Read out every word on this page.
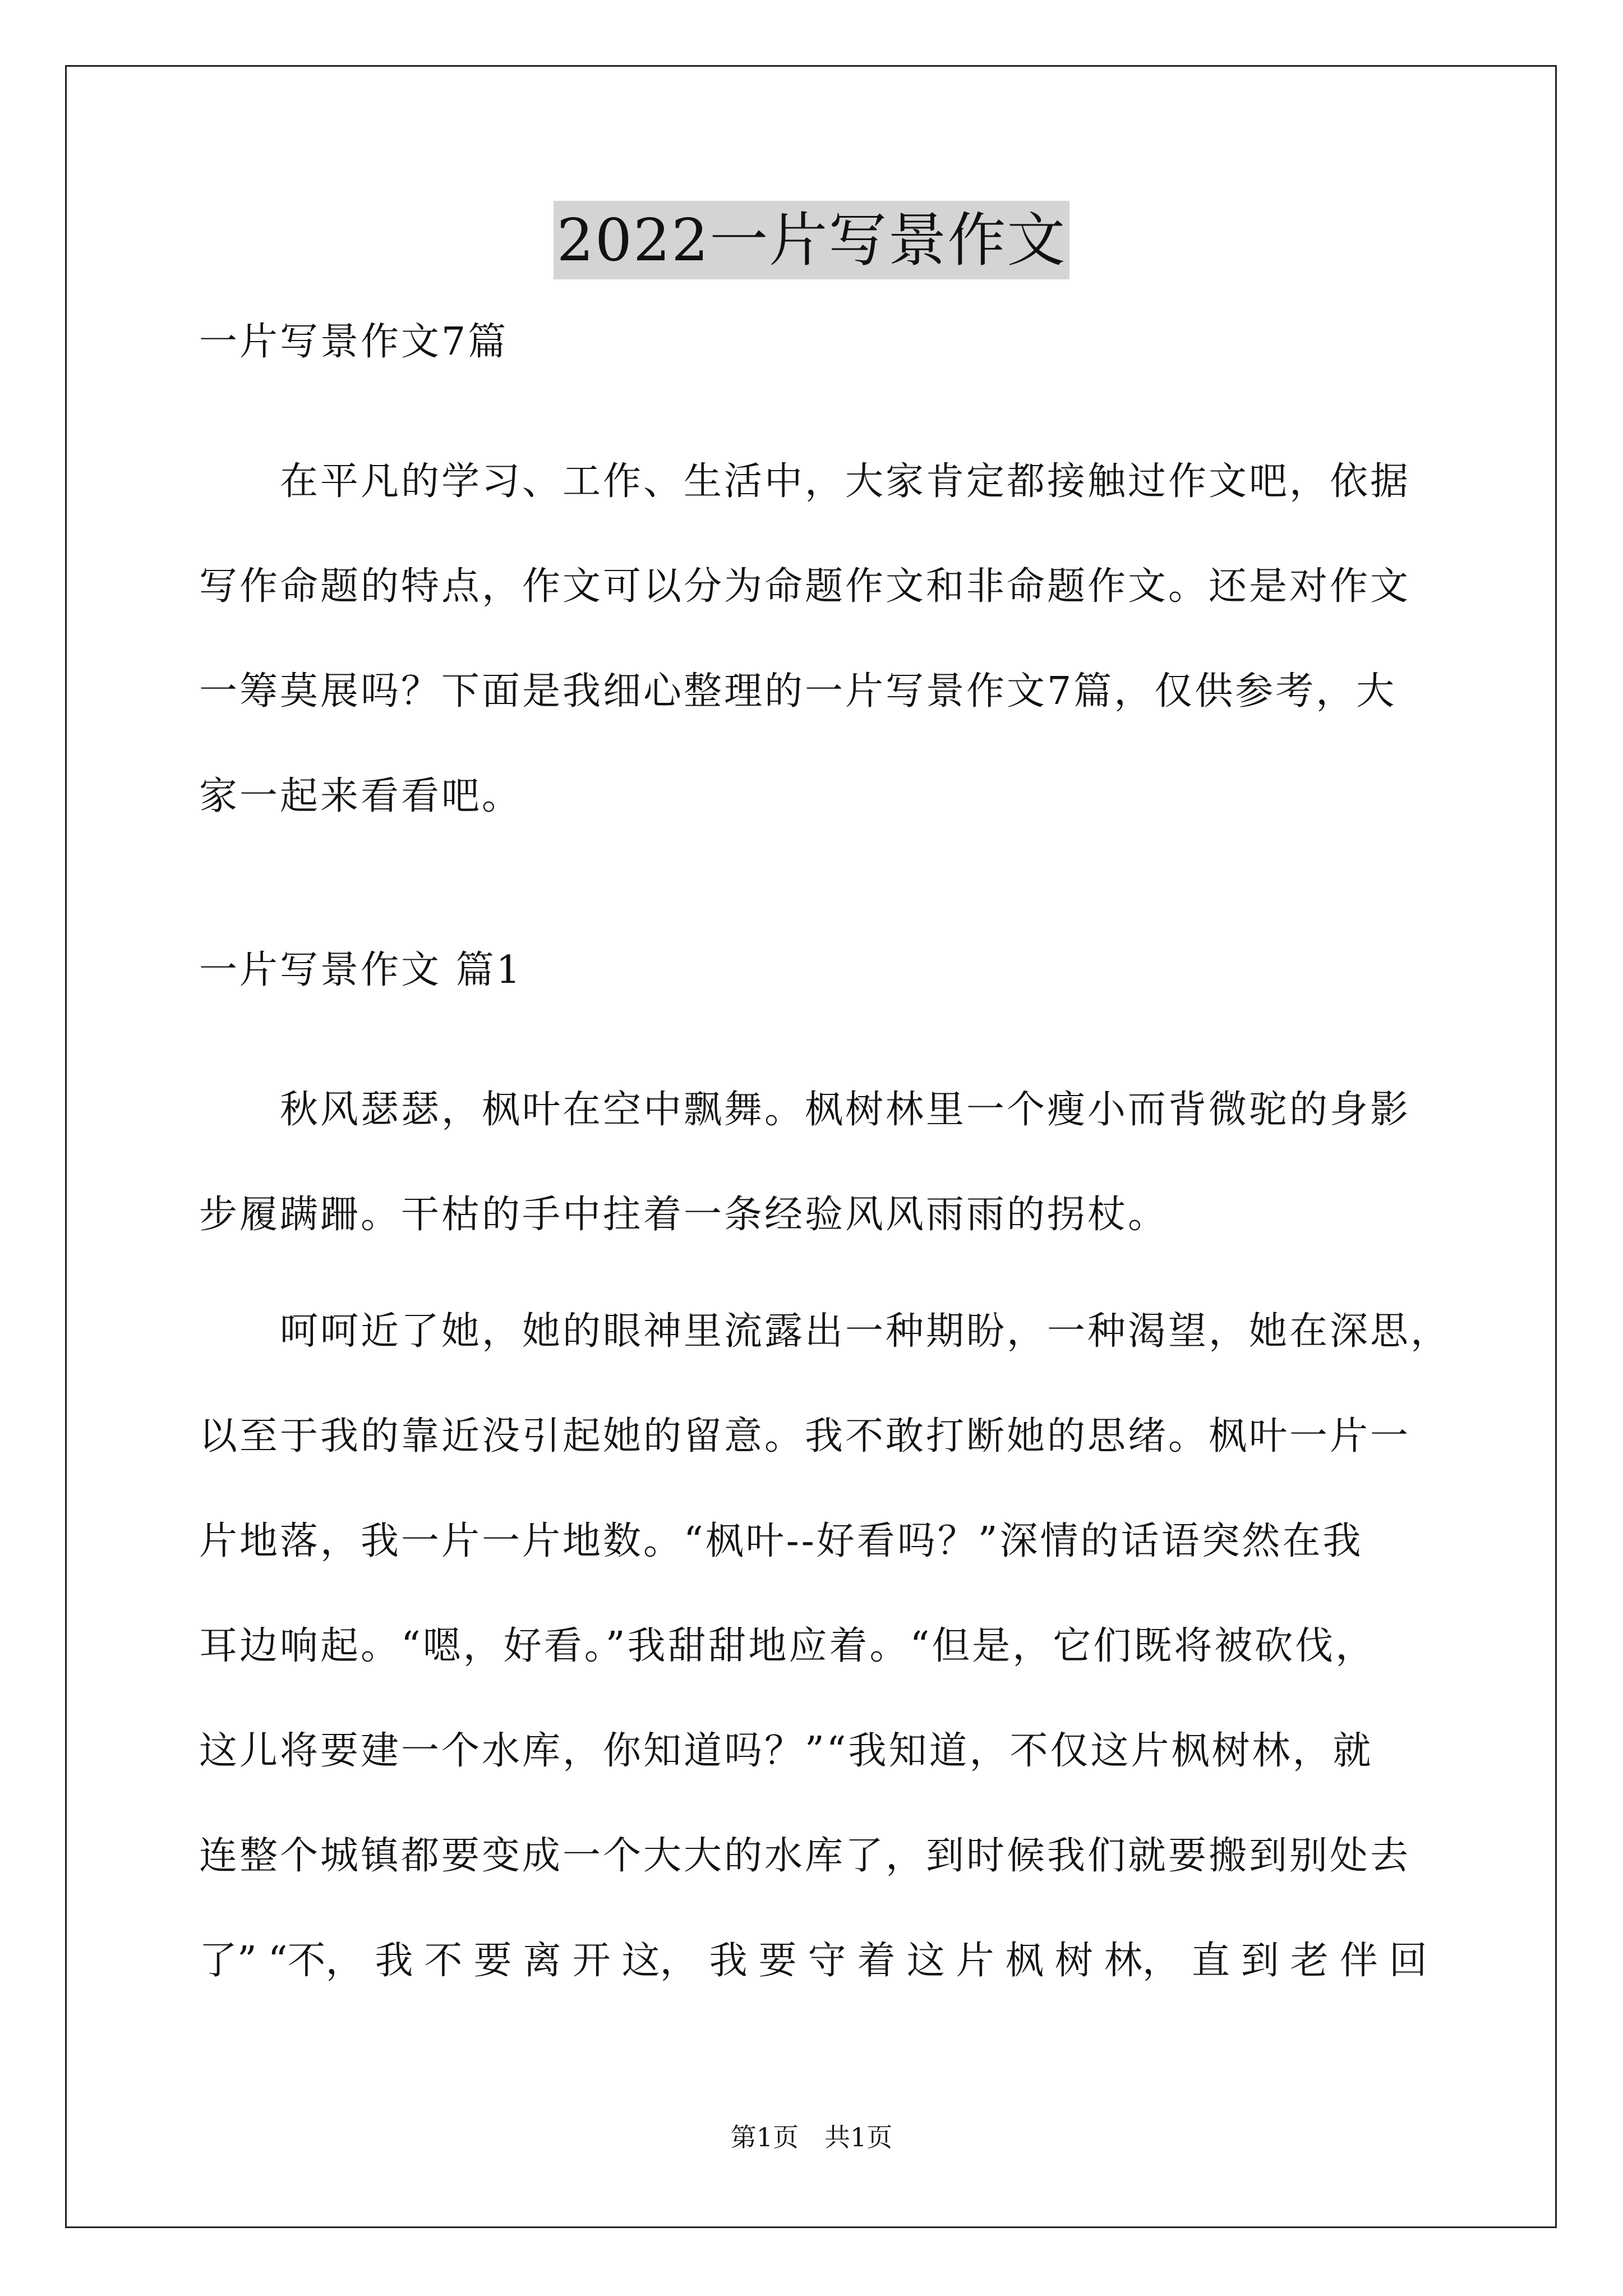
2022一片写景作文
一片写景作文7篇
　　在平凡的学习、工作、生活中，大家肯定都接触过作文吧，依据
写作命题的特点，作文可以分为命题作文和非命题作文。还是对作文
一筹莫展吗？下面是我细心整理的一片写景作文7篇，仅供参考，大
家一起来看看吧。
一片写景作文 篇1
　　秋风瑟瑟，枫叶在空中飘舞。枫树林里一个瘦小而背微驼的身影
步履蹒跚。干枯的手中拄着一条经验风风雨雨的拐杖。
　　呵呵近了她，她的眼神里流露出一种期盼，一种渴望，她在深思，
以至于我的靠近没引起她的留意。我不敢打断她的思绪。枫叶一片一
片地落，我一片一片地数。“枫叶--好看吗？”深情的话语突然在我
耳边响起。“嗯，好看。”我甜甜地应着。“但是，它们既将被砍伐，
这儿将要建一个水库，你知道吗？”“我知道，不仅这片枫树林，就
连整个城镇都要变成一个大大的水库了，到时候我们就要搬到别处去
了” “不， 我 不 要 离 开 这， 我 要 守 着 这 片 枫 树 林， 直 到 老 伴 回
第1页　共1页
